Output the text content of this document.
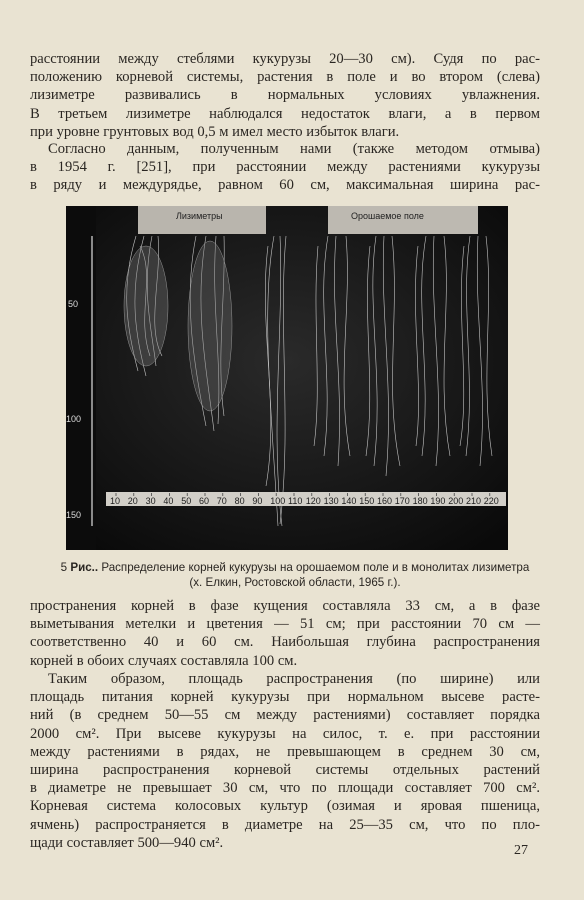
расстоянии между стеблями кукурузы 20—30 см). Судя по рас-
положению корневой системы, растения в поле и во втором (слева)
лизиметре развивались в нормальных условиях увлажнения.
В третьем лизиметре наблюдался недостаток влаги, а в первом
при уровне грунтовых вод 0,5 м имел место избыток влаги.
Согласно данным, полученным нами (также методом отмыва)
в 1954 г. [251], при расстоянии между растениями кукурузы
в ряду и междурядье, равном 60 см, максимальная ширина рас-
50
100
150
Лизиметры	Орошаемое поле
10 20 30 40 50 60 70 80 90 100 110 120 130 140 150 160 170 180 190 200 210 220
5 Рис.. Распределение корней кукурузы на орошаемом поле и в монолитах лизиметра (х. Елкин, Ростовской области, 1965 г.).
пространения корней в фазе кущения составляла 33 см, а в фазе
выметывания метелки и цветения — 51 см; при расстоянии 70 см —
соответственно 40 и 60 см. Наибольшая глубина распространения
корней в обоих случаях составляла 100 см.
Таким образом, площадь распространения (по ширине) или
площадь питания корней кукурузы при нормальном высеве расте-
ний (в среднем 50—55 см между растениями) составляет порядка
2000 см². При высеве кукурузы на силос, т. е. при расстоянии
между растениями в рядах, не превышающем в среднем 30 см,
ширина распространения корневой системы отдельных растений
в диаметре не превышает 30 см, что по площади составляет 700 см².
Корневая система колосовых культур (озимая и яровая пшеница,
ячмень) распространяется в диаметре на 25—35 см, что по пло-
щади составляет 500—940 см².	27
